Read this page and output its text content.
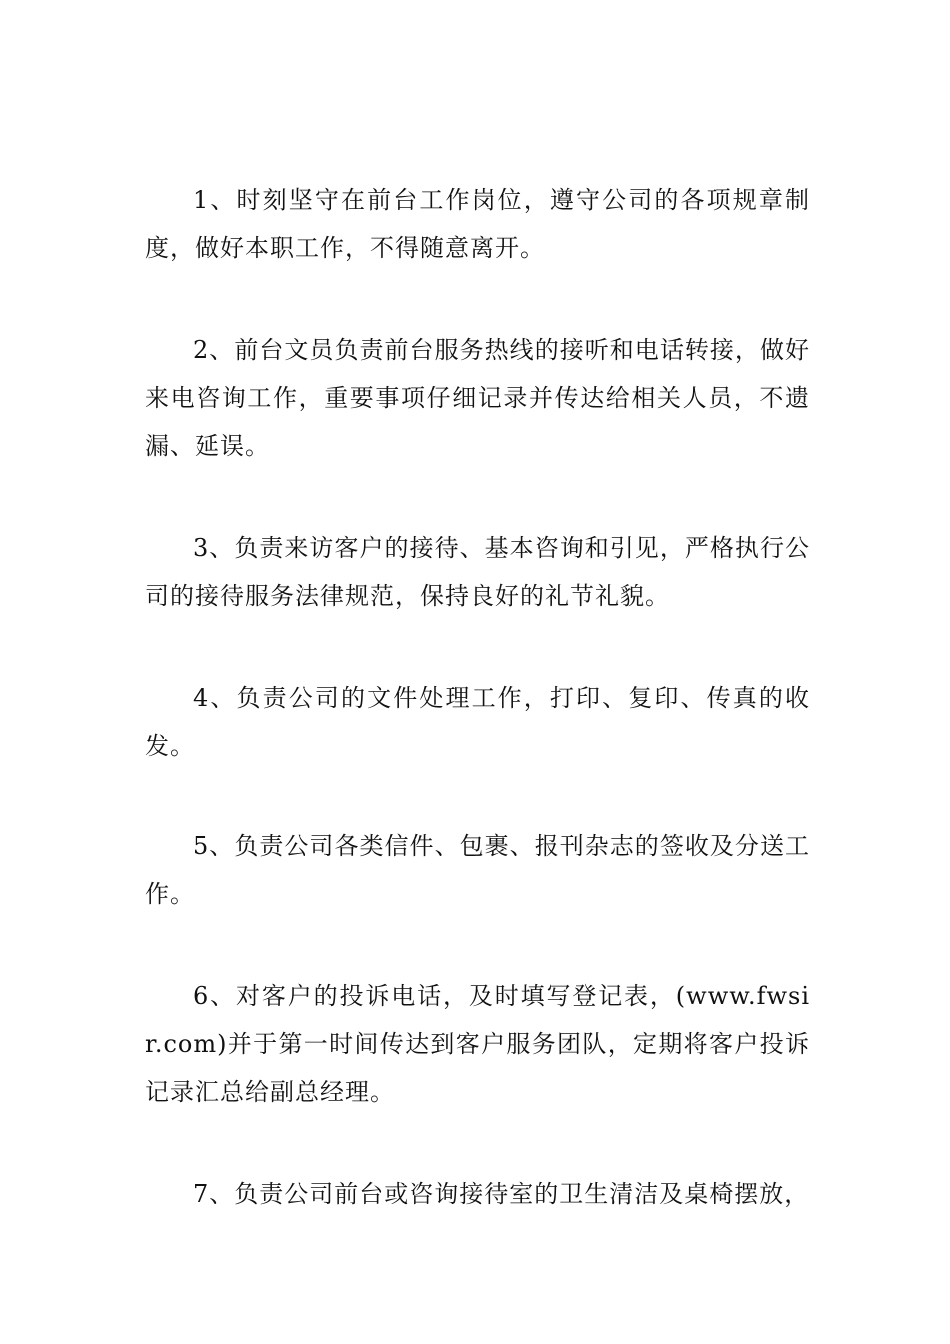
1、时刻坚守在前台工作岗位，遵守公司的各项规章制度，做好本职工作，不得随意离开。

2、前台文员负责前台服务热线的接听和电话转接，做好来电咨询工作，重要事项仔细记录并传达给相关人员，不遗漏、延误。

3、负责来访客户的接待、基本咨询和引见，严格执行公司的接待服务法律规范，保持良好的礼节礼貌。

4、负责公司的文件处理工作，打印、复印、传真的收发。

5、负责公司各类信件、包裹、报刊杂志的签收及分送工作。

6、对客户的投诉电话，及时填写登记表，(www.fwsir.com)并于第一时间传达到客户服务团队，定期将客户投诉记录汇总给副总经理。

7、负责公司前台或咨询接待室的卫生清洁及桌椅摆放，
